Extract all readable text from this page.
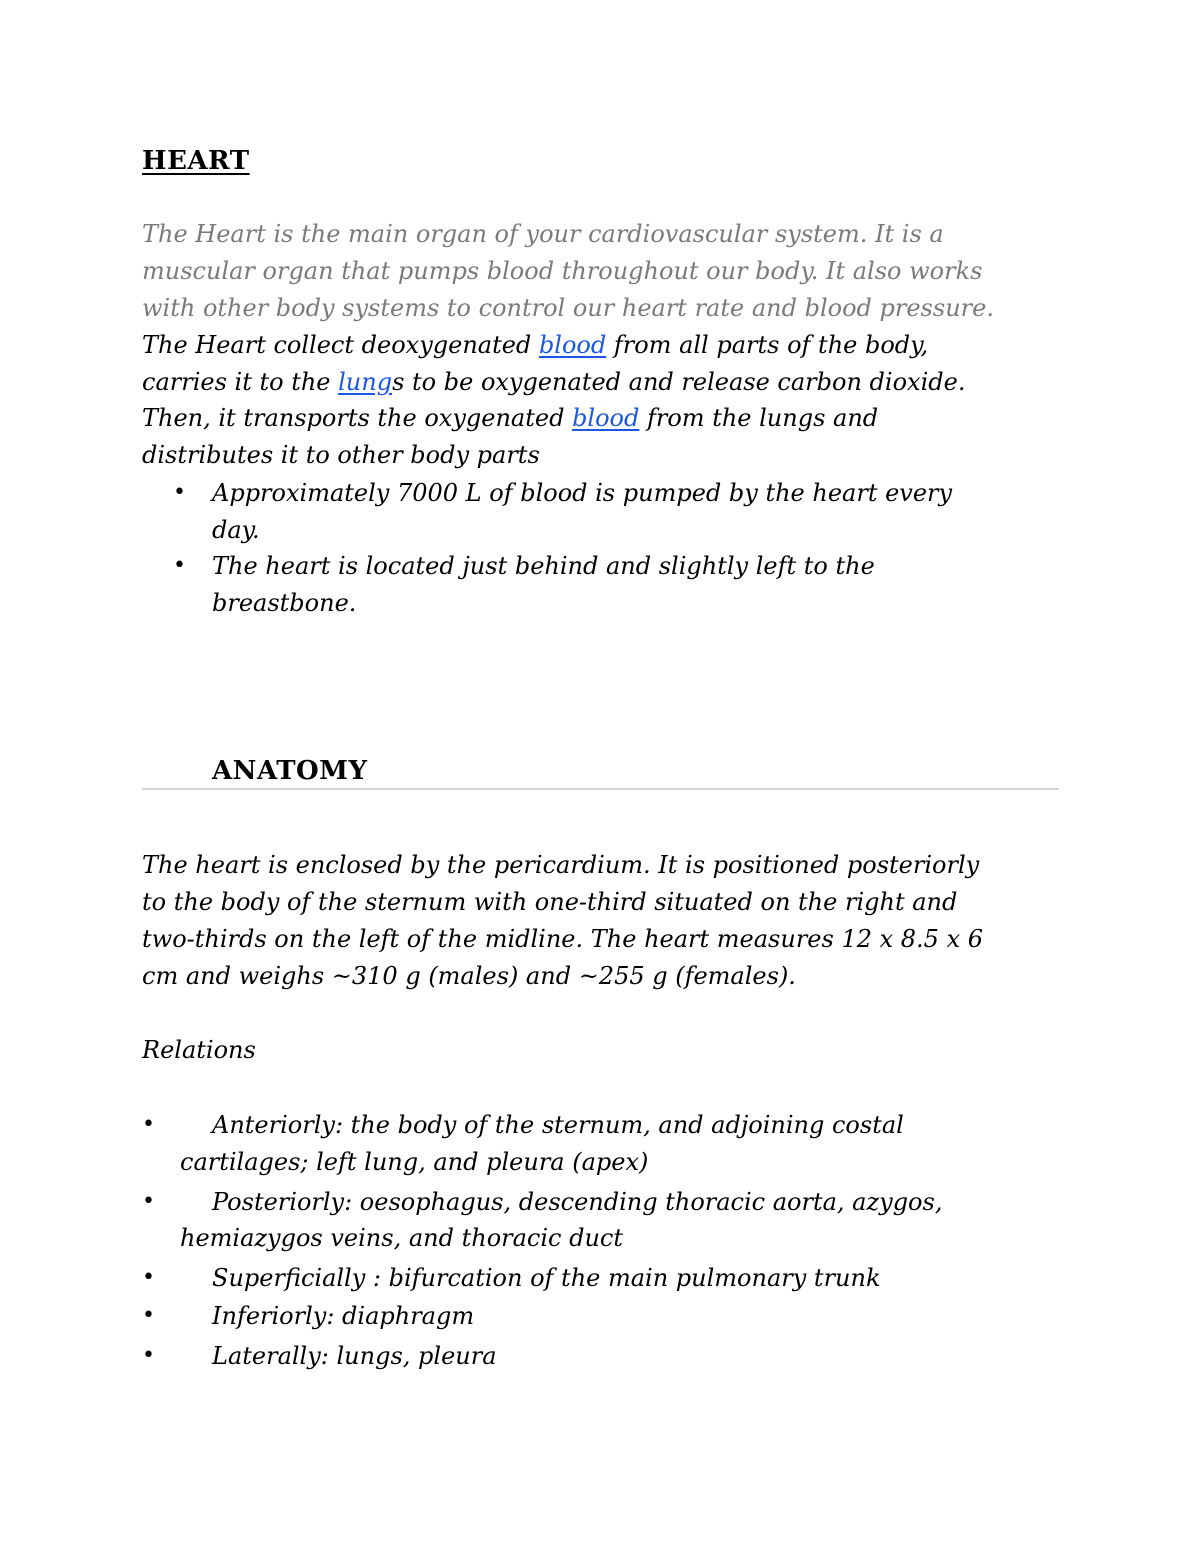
HEART
The Heart is the main organ of your cardiovascular system. It is a
muscular organ that pumps blood throughout our body. It also works
with other body systems to control our heart rate and blood pressure.
The Heart collect deoxygenated blood from all parts of the body,
carries it to the lungs to be oxygenated and release carbon dioxide.
Then, it transports the oxygenated blood from the lungs and
distributes it to other body parts
• Approximately 7000 L of blood is pumped by the heart every
day.
• The heart is located just behind and slightly left to the
breastbone.
ANATOMY
The heart is enclosed by the pericardium. It is positioned posteriorly
to the body of the sternum with one-third situated on the right and
two-thirds on the left of the midline. The heart measures 12 x 8.5 x 6
cm and weighs ~310 g (males) and ~255 g (females).
Relations
• Anteriorly: the body of the sternum, and adjoining costal
cartilages; left lung, and pleura (apex)
• Posteriorly: oesophagus, descending thoracic aorta, azygos,
hemiazygos veins, and thoracic duct
• Superficially : bifurcation of the main pulmonary trunk
• Inferiorly: diaphragm
• Laterally: lungs, pleura
